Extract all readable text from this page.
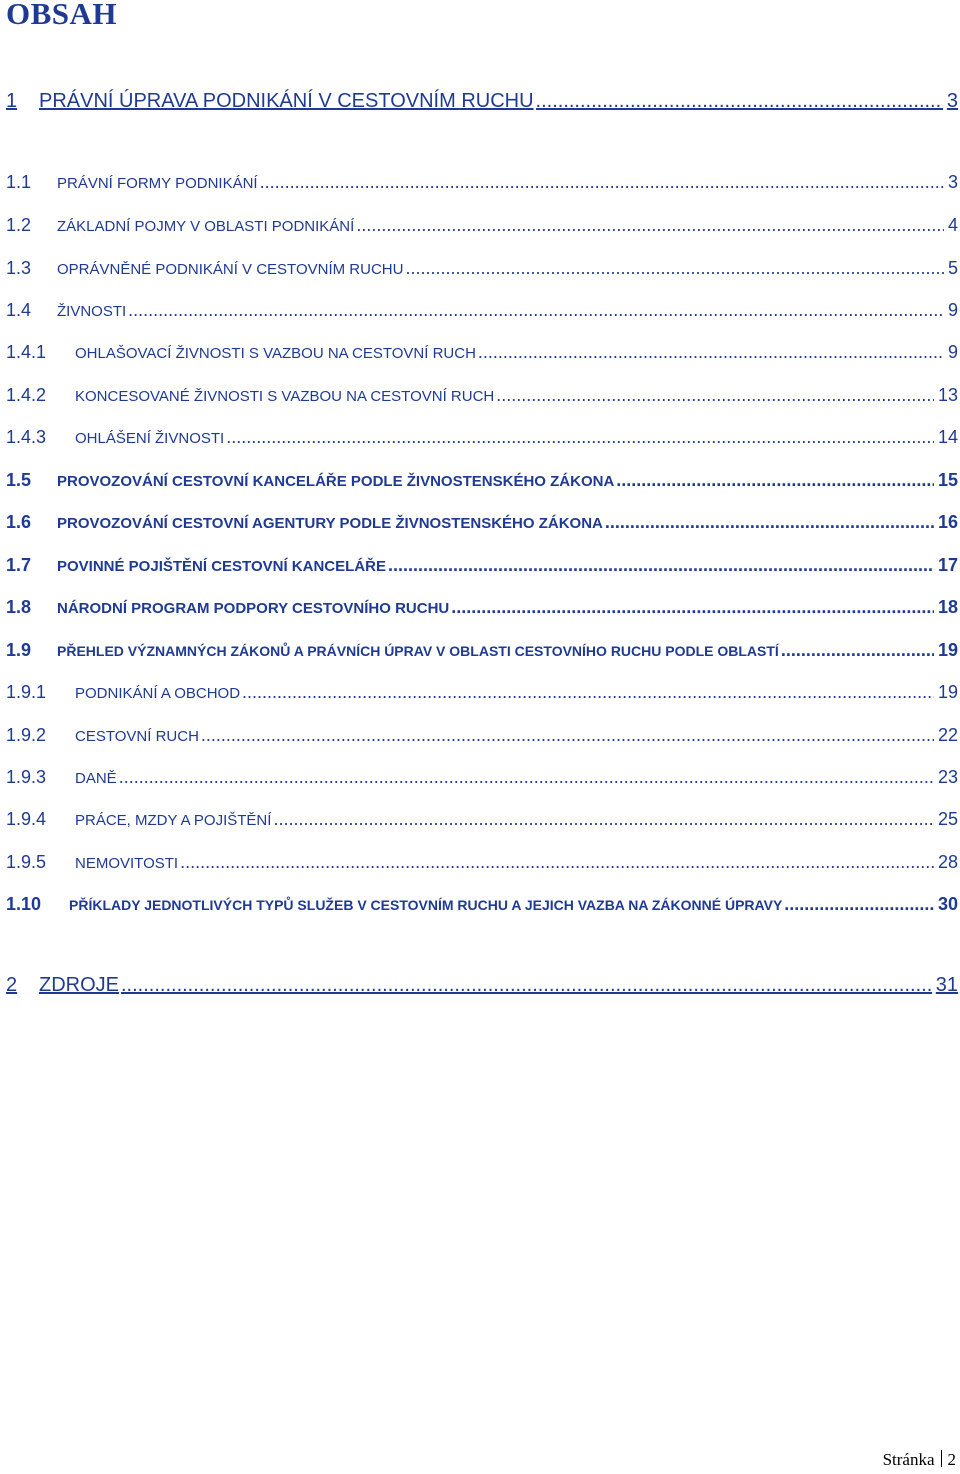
OBSAH
1	PRÁVNÍ ÚPRAVA PODNIKÁNÍ V CESTOVNÍM RUCHU .....	3
1.1	PRÁVNÍ FORMY PODNIKÁNÍ .....	3
1.2	ZÁKLADNÍ POJMY V OBLASTI PODNIKÁNÍ .....	4
1.3	OPRÁVNĚNÉ PODNIKÁNÍ V CESTOVNÍM RUCHU .....	5
1.4	ŽIVNOSTI .....	9
1.4.1	OHLAŠOVACÍ ŽIVNOSTI S VAZBOU NA CESTOVNÍ RUCH .....	9
1.4.2	KONCESOVANÉ ŽIVNOSTI S VAZBOU NA CESTOVNÍ RUCH .....	13
1.4.3	OHLÁŠENÍ ŽIVNOSTI .....	14
1.5	PROVOZOVÁNÍ CESTOVNÍ KANCELÁŘE PODLE ŽIVNOSTENSKÉHO ZÁKONA .....	15
1.6	PROVOZOVÁNÍ CESTOVNÍ AGENTURY PODLE ŽIVNOSTENSKÉHO ZÁKONA .....	16
1.7	POVINNÉ POJIŠTĚNÍ CESTOVNÍ KANCELÁŘE .....	17
1.8	NÁRODNÍ PROGRAM PODPORY CESTOVNÍHO RUCHU .....	18
1.9	PŘEHLED VÝZNAMNÝCH ZÁKONŮ A PRÁVNÍCH ÚPRAV V OBLASTI CESTOVNÍHO RUCHU PODLE OBLASTÍ .....	19
1.9.1	PODNIKÁNÍ A OBCHOD .....	19
1.9.2	CESTOVNÍ RUCH .....	22
1.9.3	DANĚ .....	23
1.9.4	PRÁCE, MZDY A POJIŠTĚNÍ .....	25
1.9.5	NEMOVITOSTI .....	28
1.10	PŘÍKLADY JEDNOTLIVÝCH TYPŮ SLUŽEB V CESTOVNÍM RUCHU A JEJICH VAZBA NA ZÁKONNÉ ÚPRAVY .....	30
2	ZDROJE .....	31
Stránka 2
